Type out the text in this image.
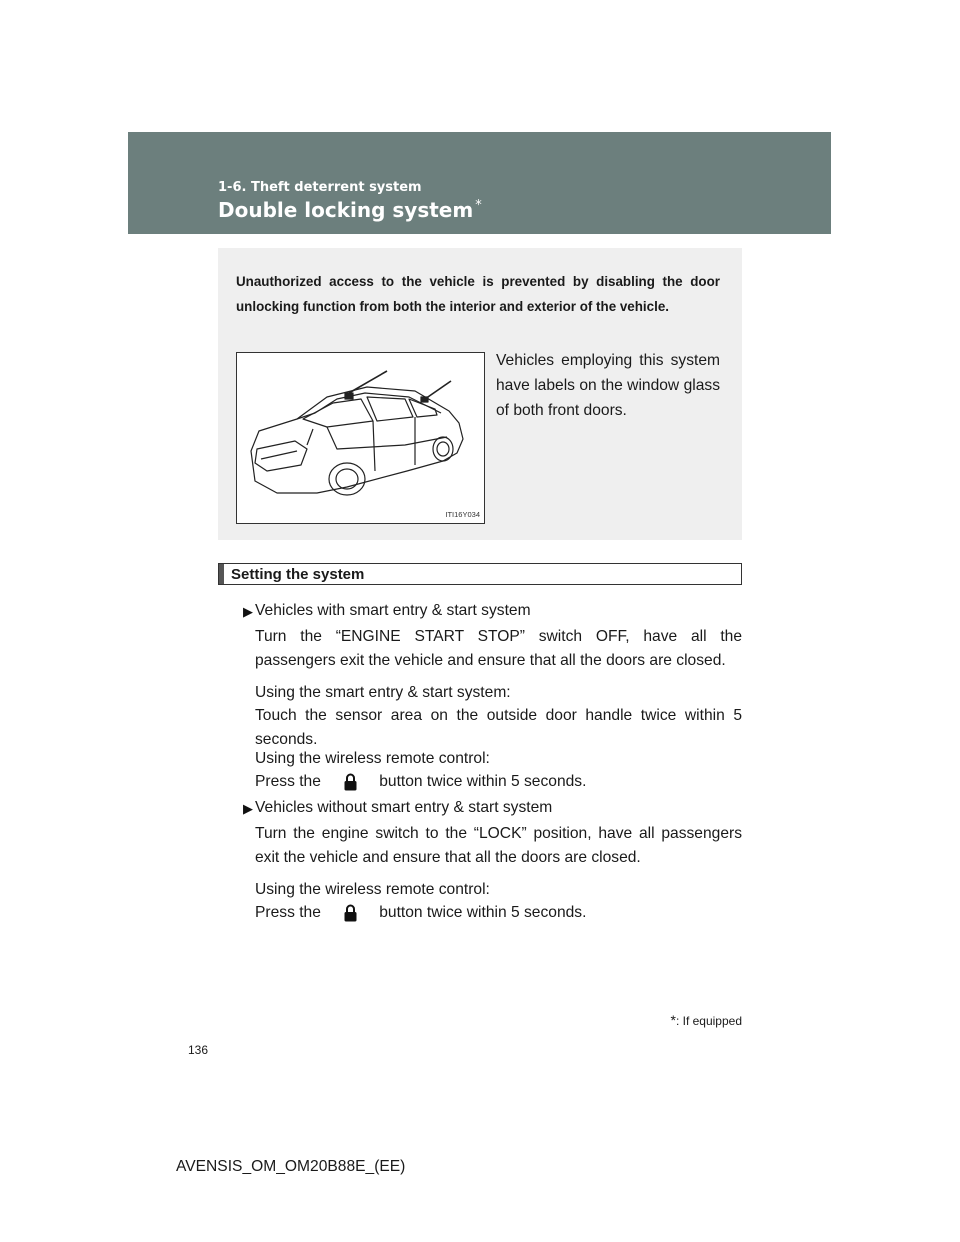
1-6. Theft deterrent system
Double locking system *
Unauthorized access to the vehicle is prevented by disabling the door unlocking function from both the interior and exterior of the vehicle.
Vehicles employing this system have labels on the window glass of both front doors.
ITI16Y034
Setting the system
▶ Vehicles with smart entry & start system
Turn the “ENGINE START STOP” switch OFF, have all the passengers exit the vehicle and ensure that all the doors are closed.
Using the smart entry & start system:
Touch the sensor area on the outside door handle twice within 5 seconds.
Using the wireless remote control:
Press the	button twice within 5 seconds.
▶ Vehicles without smart entry & start system
Turn the engine switch to the “LOCK” position, have all passengers exit the vehicle and ensure that all the doors are closed.
Using the wireless remote control:
Press the	button twice within 5 seconds.
*: If equipped
136
AVENSIS_OM_OM20B88E_(EE)
